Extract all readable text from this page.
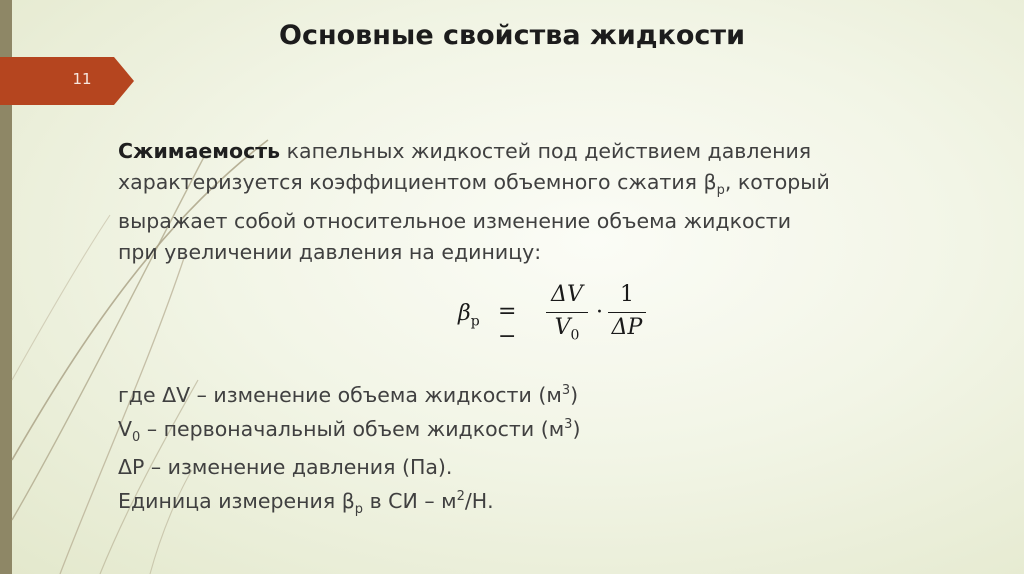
Основные свойства жидкости
11
Сжимаемость капельных жидкостей под действием давления
характеризуется коэффициентом объемного сжатия $\beta_р$, который
выражает собой относительное изменение объема жидкости
при увеличении давления на единицу:
$\beta_р$ = −
ΔV
$V_0$
·
1
ΔP
где ΔV – изменение объема жидкости $(м^3)$
$V_0$ – первоначальный объем жидкости $(м^3)$
ΔP – изменение давления (Па).
Единица измерения $\beta_р$ в СИ – $м^2/Н$.
